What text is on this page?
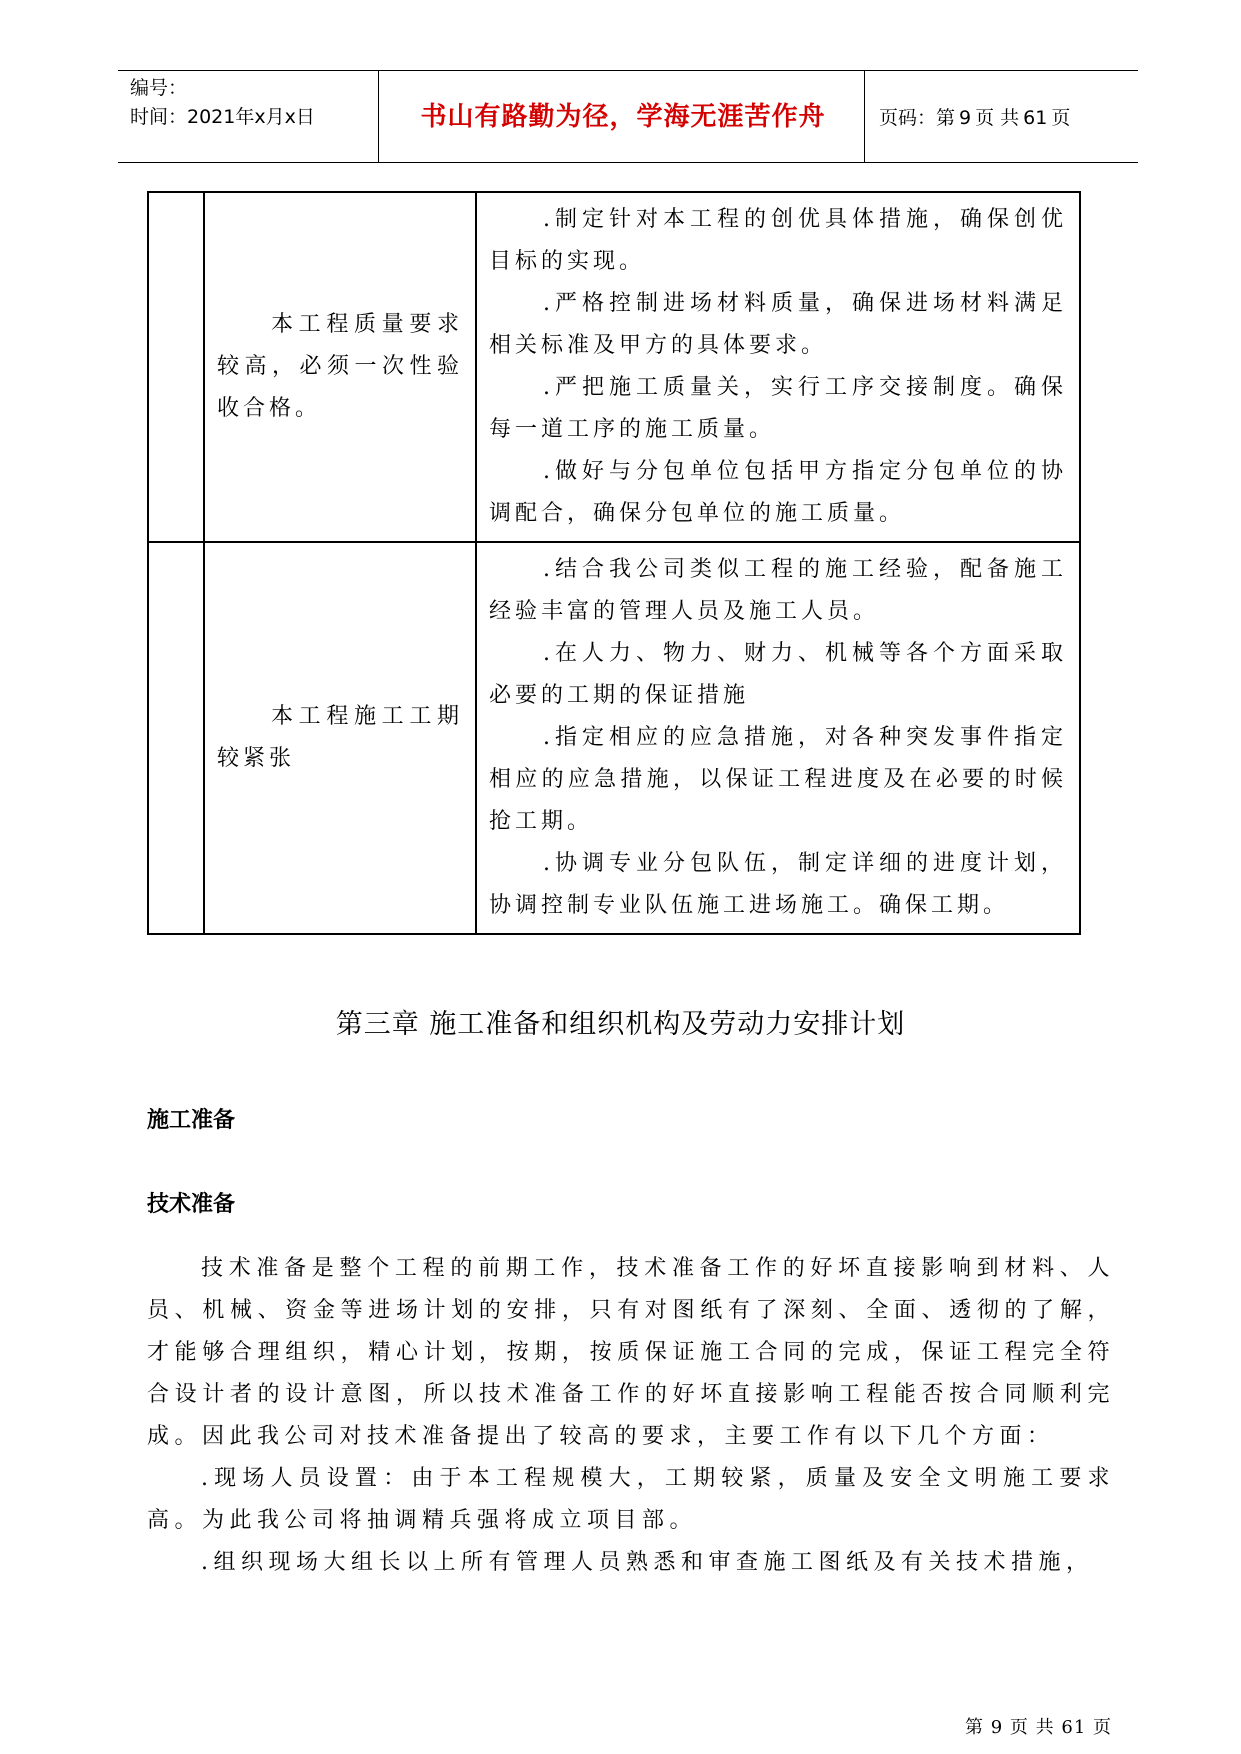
编号：
时间：2021年x月x日	书山有路勤为径，学海无涯苦作舟	页码：第 9 页 共 61 页

	本工程质量要求较高，必须一次性验收合格。	.制定针对本工程的创优具体措施，确保创优目标的实现。
.严格控制进场材料质量，确保进场材料满足相关标准及甲方的具体要求。
.严把施工质量关，实行工序交接制度。确保每一道工序的施工质量。
.做好与分包单位包括甲方指定分包单位的协调配合，确保分包单位的施工质量。

	本工程施工工期较紧张	.结合我公司类似工程的施工经验，配备施工经验丰富的管理人员及施工人员。
.在人力、物力、财力、机械等各个方面采取必要的工期的保证措施
.指定相应的应急措施，对各种突发事件指定相应的应急措施，以保证工程进度及在必要的时候抢工期。
.协调专业分包队伍，制定详细的进度计划，协调控制专业队伍施工进场施工。确保工期。
第三章 施工准备和组织机构及劳动力安排计划
施工准备
技术准备
技术准备是整个工程的前期工作，技术准备工作的好坏直接影响到材料、人员、机械、资金等进场计划的安排，只有对图纸有了深刻、全面、透彻的了解，才能够合理组织，精心计划，按期，按质保证施工合同的完成，保证工程完全符合设计者的设计意图，所以技术准备工作的好坏直接影响工程能否按合同顺利完成。因此我公司对技术准备提出了较高的要求，主要工作有以下几个方面：
.现场人员设置：由于本工程规模大，工期较紧，质量及安全文明施工要求高。为此我公司将抽调精兵强将成立项目部。
.组织现场大组长以上所有管理人员熟悉和审查施工图纸及有关技术措施，
第 9 页 共 61 页
